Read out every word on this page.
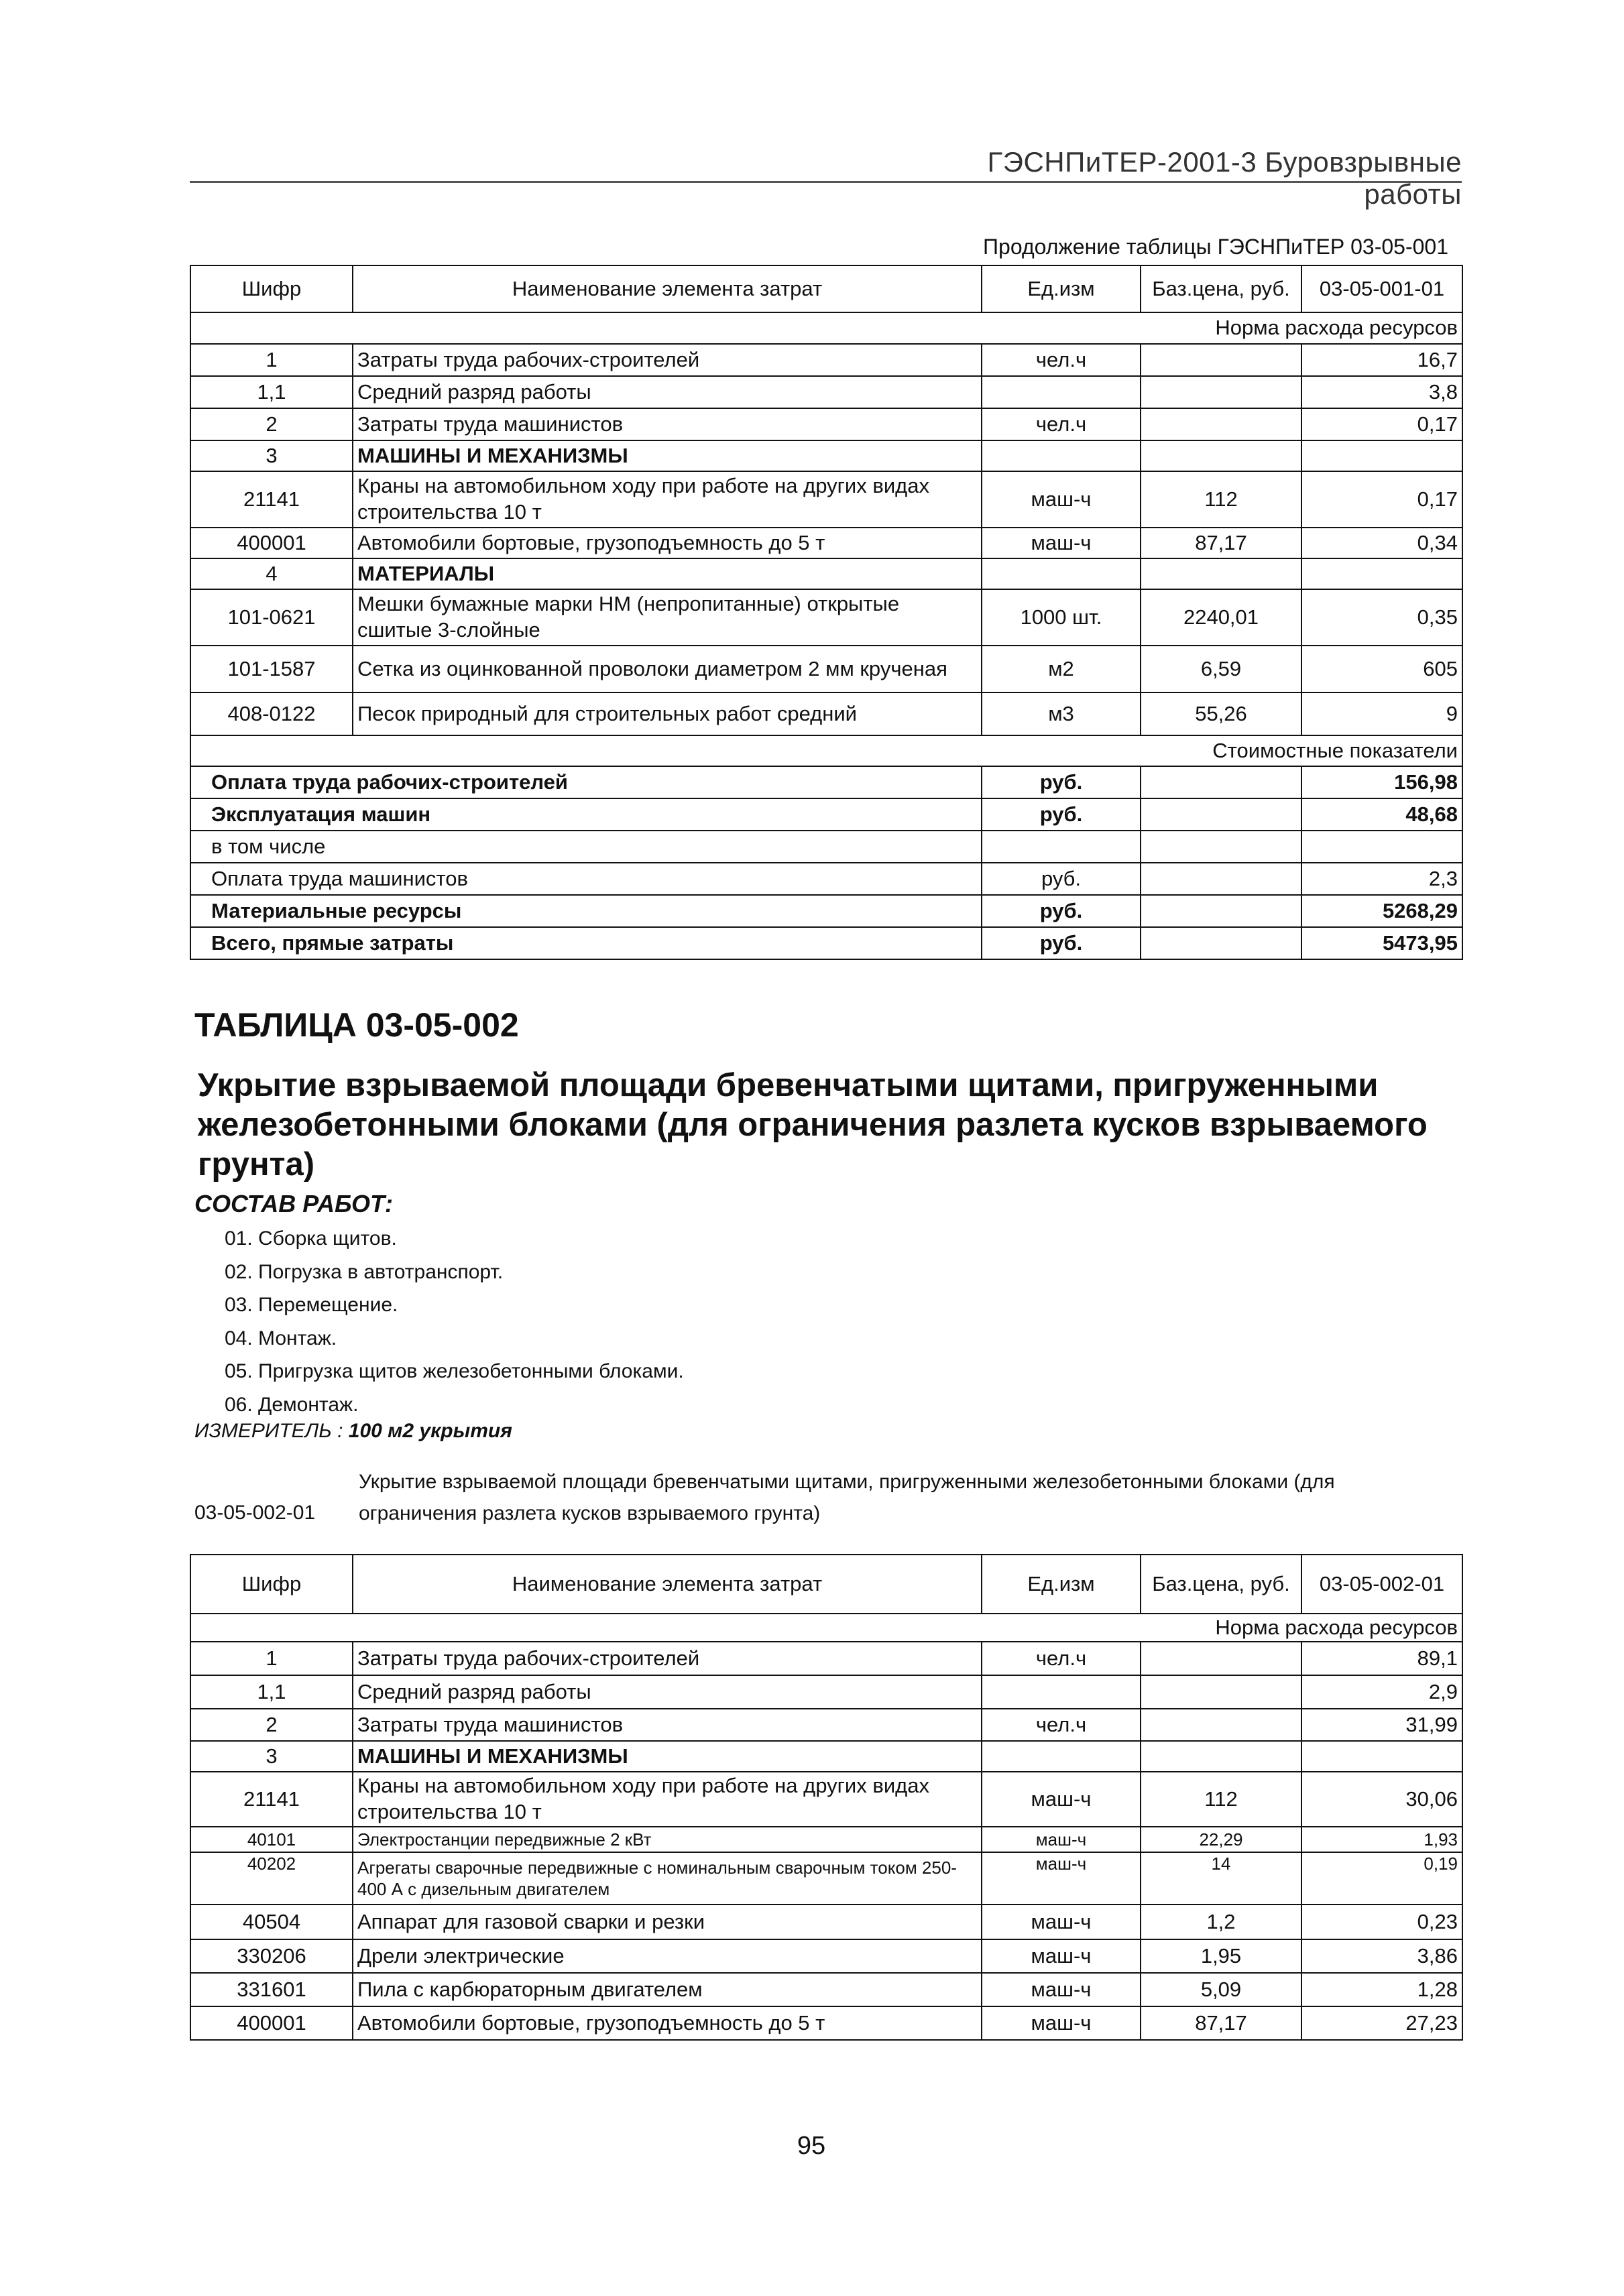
ГЭСНПиТЕР-2001-3 Буровзрывные работы
Продолжение таблицы ГЭСНПиТЕР 03-05-001
Шифр	Наименование элемента затрат	Ед.изм	Баз.цена, руб.	03-05-001-01
Норма расхода ресурсов				
1	Затраты труда рабочих-строителей	чел.ч		16,7
1,1	Средний разряд работы			3,8
2	Затраты труда машинистов	чел.ч		0,17
3	МАШИНЫ И МЕХАНИЗМЫ			
21141	Краны на автомобильном ходу при работе на других видах строительства 10 т	маш-ч	112	0,17
400001	Автомобили бортовые, грузоподъемность до 5 т	маш-ч	87,17	0,34
4	МАТЕРИАЛЫ			
101-0621	Мешки бумажные марки НМ (непропитанные) открытые сшитые 3-слойные	1000 шт.	2240,01	0,35
101-1587	Сетка из оцинкованной проволоки диаметром 2 мм крученая	м2	6,59	605
408-0122	Песок природный для строительных работ средний	м3	55,26	9
Стоимостные показатели				
Оплата труда рабочих-строителей		руб.		156,98
Эксплуатация машин		руб.		48,68
в том числе				
Оплата труда машинистов		руб.		2,3
Материальные ресурсы		руб.		5268,29
Всего, прямые затраты		руб.		5473,95
ТАБЛИЦА 03-05-002
Укрытие взрываемой площади бревенчатыми щитами, пригруженными железобетонными блоками (для ограничения разлета кусков взрываемого грунта)
СОСТАВ РАБОТ:
01. Сборка щитов.
02. Погрузка в автотранспорт.
03. Перемещение.
04. Монтаж.
05. Пригрузка щитов железобетонными блоками.
06. Демонтаж.
ИЗМЕРИТЕЛЬ : 100 м2 укрытия
03-05-002-01
Укрытие взрываемой площади бревенчатыми щитами, пригруженными железобетонными блоками (для ограничения разлета кусков взрываемого грунта)
Шифр	Наименование элемента затрат	Ед.изм	Баз.цена, руб.	03-05-002-01
Норма расхода ресурсов				
1	Затраты труда рабочих-строителей	чел.ч		89,1
1,1	Средний разряд работы			2,9
2	Затраты труда машинистов	чел.ч		31,99
3	МАШИНЫ И МЕХАНИЗМЫ			
21141	Краны на автомобильном ходу при работе на других видах строительства 10 т	маш-ч	112	30,06
40101	Электростанции передвижные 2 кВт	маш-ч	22,29	1,93
40202	Агрегаты сварочные передвижные с номинальным сварочным током 250-400 А с дизельным двигателем	маш-ч	14	0,19
40504	Аппарат для газовой сварки и резки	маш-ч	1,2	0,23
330206	Дрели электрические	маш-ч	1,95	3,86
331601	Пила с карбюраторным двигателем	маш-ч	5,09	1,28
400001	Автомобили бортовые, грузоподъемность до 5 т	маш-ч	87,17	27,23
95
